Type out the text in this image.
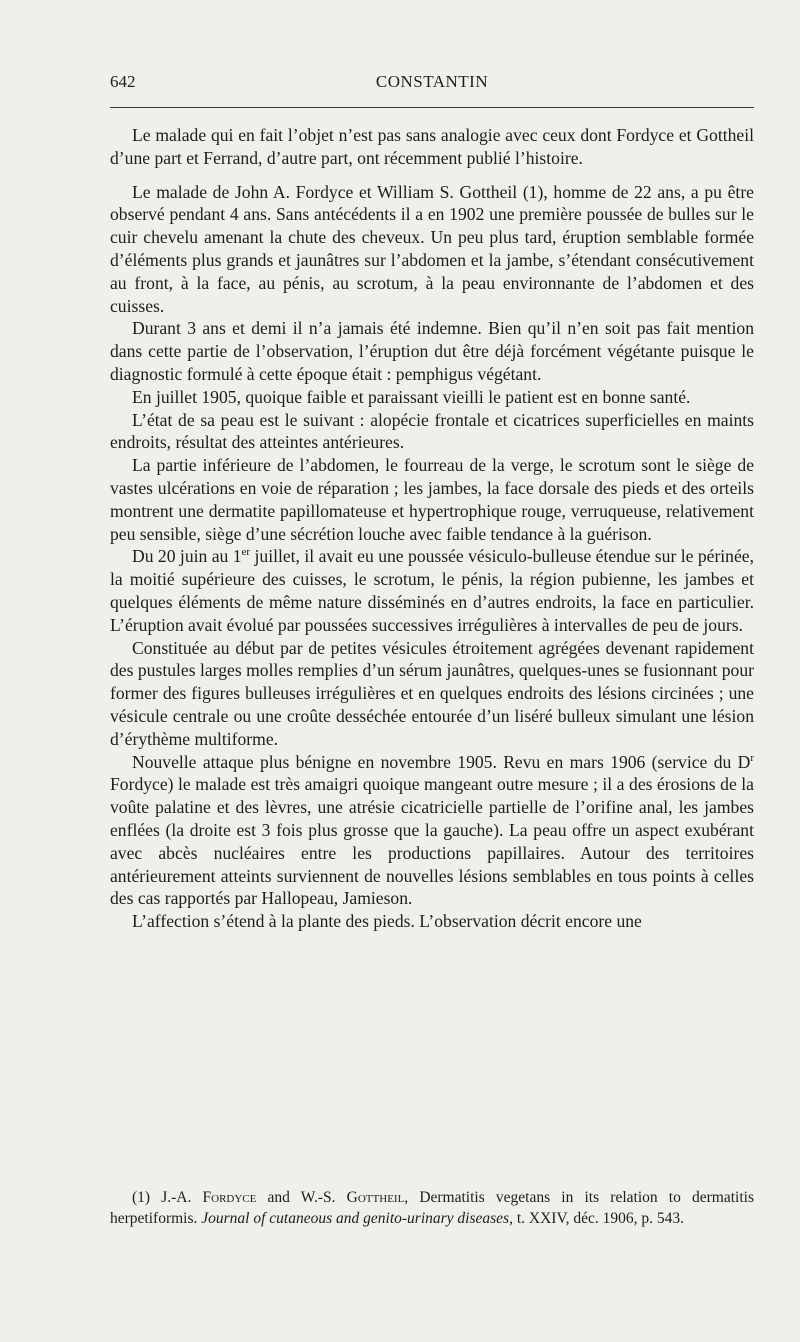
642	CONSTANTIN

Le malade qui en fait l’objet n’est pas sans analogie avec ceux dont Fordyce et Gottheil d’une part et Ferrand, d’autre part, ont récemment publié l’histoire.

Le malade de John A. Fordyce et William S. Gottheil (1), homme de 22 ans, a pu être observé pendant 4 ans. Sans antécédents il a en 1902 une première poussée de bulles sur le cuir chevelu amenant la chute des cheveux. Un peu plus tard, éruption semblable formée d’éléments plus grands et jaunâtres sur l’abdomen et la jambe, s’étendant consécutivement au front, à la face, au pénis, au scrotum, à la peau environnante de l’abdomen et des cuisses.

Durant 3 ans et demi il n’a jamais été indemne. Bien qu’il n’en soit pas fait mention dans cette partie de l’observation, l’éruption dut être déjà forcément végétante puisque le diagnostic formulé à cette époque était : pemphigus végétant.

En juillet 1905, quoique faible et paraissant vieilli le patient est en bonne santé.

L’état de sa peau est le suivant : alopécie frontale et cicatrices superficielles en maints endroits, résultat des atteintes antérieures.

La partie inférieure de l’abdomen, le fourreau de la verge, le scrotum sont le siège de vastes ulcérations en voie de réparation ; les jambes, la face dorsale des pieds et des orteils montrent une dermatite papillomateuse et hypertrophique rouge, verruqueuse, relativement peu sensible, siège d’une sécrétion louche avec faible tendance à la guérison.

Du 20 juin au 1er juillet, il avait eu une poussée vésiculo-bulleuse étendue sur le périnée, la moitié supérieure des cuisses, le scrotum, le pénis, la région pubienne, les jambes et quelques éléments de même nature disséminés en d’autres endroits, la face en particulier. L’éruption avait évolué par poussées successives irrégulières à intervalles de peu de jours.

Constituée au début par de petites vésicules étroitement agrégées devenant rapidement des pustules larges molles remplies d’un sérum jaunâtres, quelques-unes se fusionnant pour former des figures bulleuses irrégulières et en quelques endroits des lésions circinées ; une vésicule centrale ou une croûte desséchée entourée d’un liséré bulleux simulant une lésion d’érythème multiforme.

Nouvelle attaque plus bénigne en novembre 1905. Revu en mars 1906 (service du $D^r$ Fordyce) le malade est très amaigri quoique mangeant outre mesure ; il a des érosions de la voûte palatine et des lèvres, une atrésie cicatricielle partielle de l’orifine anal, les jambes enflées (la droite est 3 fois plus grosse que la gauche). La peau offre un aspect exubérant avec abcès nucléaires entre les productions papillaires. Autour des territoires antérieurement atteints surviennent de nouvelles lésions semblables en tous points à celles des cas rapportés par Hallopeau, Jamieson.

L’affection s’étend à la plante des pieds. L’observation décrit encore une

(1) J.-A. Fordyce and W.-S. Gottheil, Dermatitis vegetans in its relation to dermatitis herpetiformis. Journal of cutaneous and genito-urinary diseases, t. XXIV, déc. 1906, p. 543.
